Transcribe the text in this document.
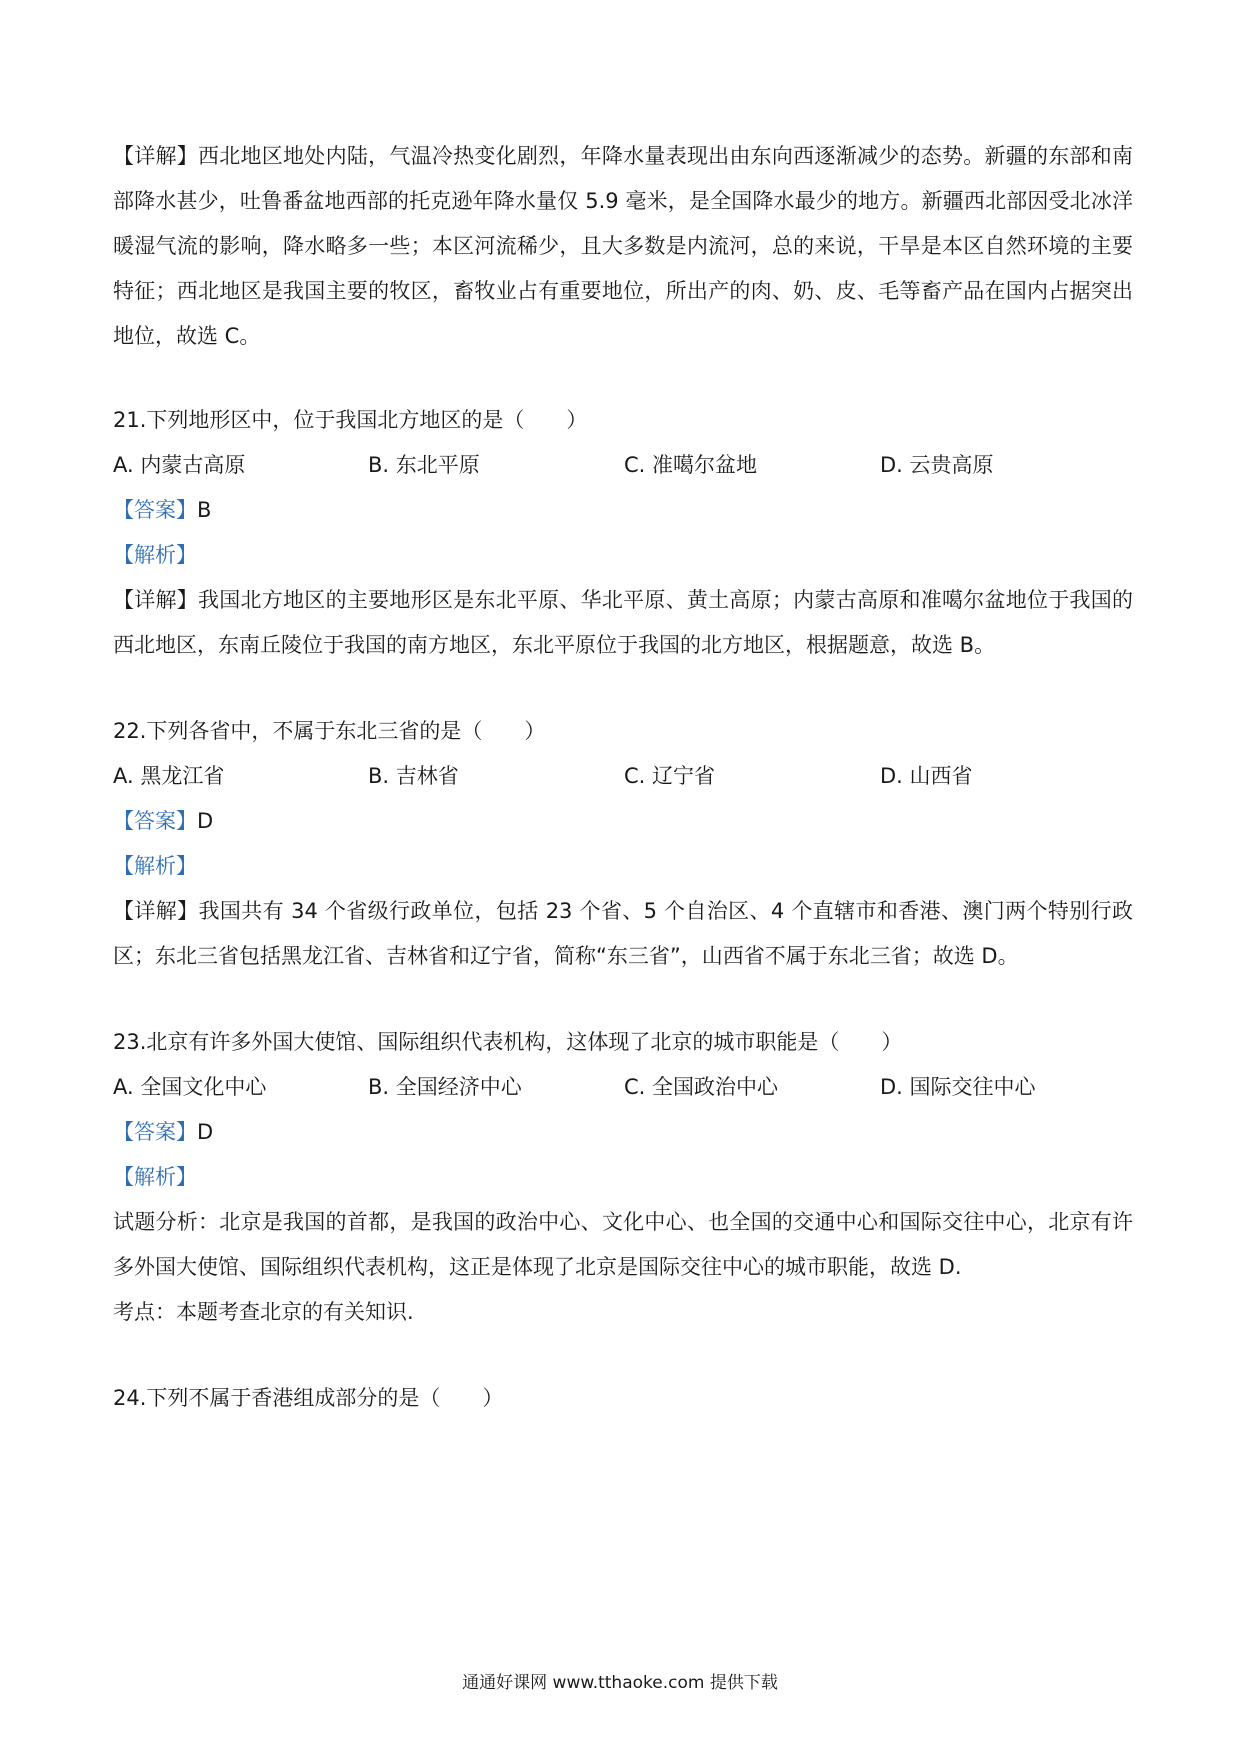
【详解】西北地区地处内陆，气温冷热变化剧烈，年降水量表现出由东向西逐渐减少的态势。新疆的东部和南部降水甚少，吐鲁番盆地西部的托克逊年降水量仅 5.9 毫米，是全国降水最少的地方。新疆西北部因受北冰洋暖湿气流的影响，降水略多一些；本区河流稀少，且大多数是内流河，总的来说，干旱是本区自然环境的主要特征；西北地区是我国主要的牧区，畜牧业占有重要地位，所出产的肉、奶、皮、毛等畜产品在国内占据突出地位，故选 C。

21.下列地形区中，位于我国北方地区的是（　　）
A. 内蒙古高原	B. 东北平原	C. 准噶尔盆地	D. 云贵高原
【答案】B
【解析】

【详解】我国北方地区的主要地形区是东北平原、华北平原、黄土高原；内蒙古高原和准噶尔盆地位于我国的西北地区，东南丘陵位于我国的南方地区，东北平原位于我国的北方地区，根据题意，故选 B。

22.下列各省中，不属于东北三省的是（　　）
A. 黑龙江省	B. 吉林省	C. 辽宁省	D. 山西省
【答案】D
【解析】

【详解】我国共有 34 个省级行政单位，包括 23 个省、5 个自治区、4 个直辖市和香港、澳门两个特别行政区；东北三省包括黑龙江省、吉林省和辽宁省，简称“东三省”，山西省不属于东北三省；故选 D。

23.北京有许多外国大使馆、国际组织代表机构，这体现了北京的城市职能是（　　）
A. 全国文化中心	B. 全国经济中心	C. 全国政治中心	D. 国际交往中心
【答案】D
【解析】

试题分析：北京是我国的首都，是我国的政治中心、文化中心、也全国的交通中心和国际交往中心，北京有许多外国大使馆、国际组织代表机构，这正是体现了北京是国际交往中心的城市职能，故选 D.

考点：本题考查北京的有关知识.
24.下列不属于香港组成部分的是（　　）
通通好课网 www.tthaoke.com 提供下载
